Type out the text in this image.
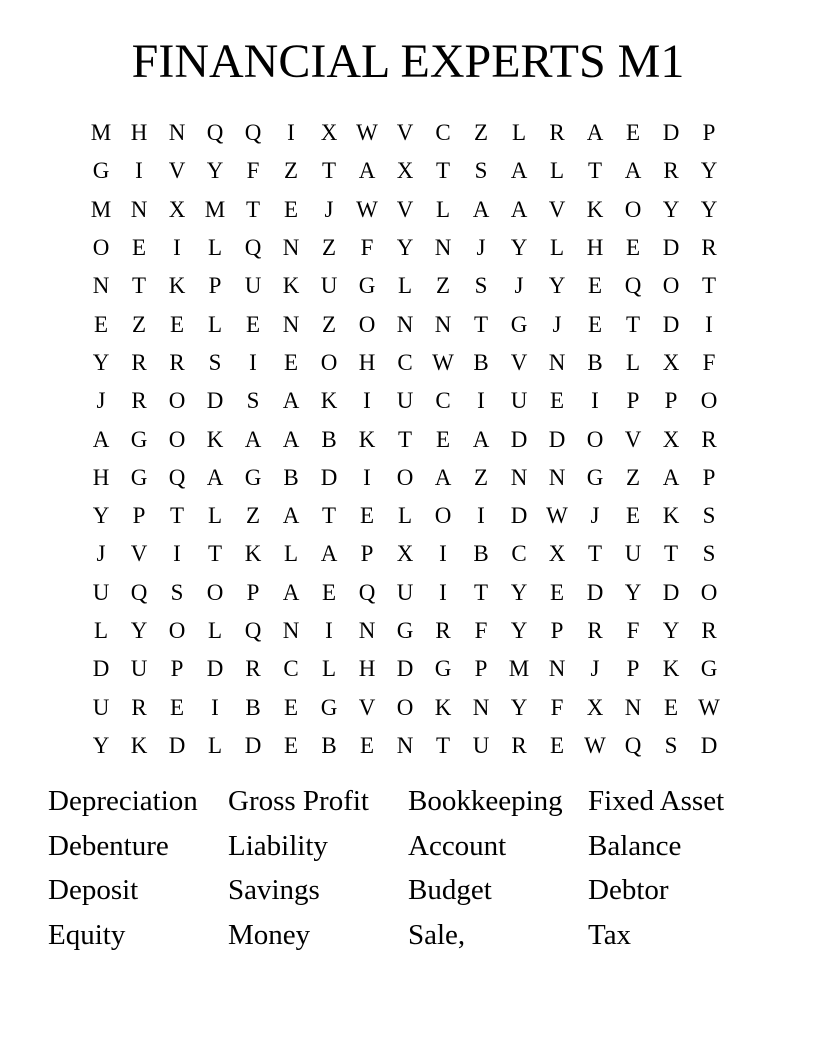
FINANCIAL EXPERTS M1
M H N Q Q	I	X W V C	Z	L	R A E D	P
G	I	V Y	F	Z	T A X T	S	A L	T A R Y
M N X M T	E	J W V L A A V K O Y Y
O E	I	L Q N Z	F	Y N	J	Y L H E D R
N T K	P	U K U G L	Z	S	J	Y E Q O T
E	Z	E	L	E N Z O N N T G	J	E	T D	I
Y R R	S	I	E O H C W B V N B	L X	F
J	R O D	S	A K	I	U C	I	U E	I	P	P	O
A G O K A A B K T	E A D D O V X R
H G Q A G B D	I	O A Z N N G Z A	P
Y	P	T	L	Z A T	E	L O	I	D W J	E K	S
J	V	I	T K L A	P	X	I	B C X T U T	S
U Q	S	O	P	A E Q U	I	T Y E D Y D O
L Y O L Q N	I	N G R	F	Y	P	R	F	Y R
D U	P	D R C	L H D G	P M N	J	P	K G
U R	E	I	B	E G V O K N Y	F	X N E W
Y K D L D E	B	E N T U R	E W Q	S	D
Depreciation	Gross Profit	Bookkeeping Fixed Asset
Debenture	Liability	Account	Balance
Deposit	Savings	Budget	Debtor
Equity	Money	Sale,	Tax
